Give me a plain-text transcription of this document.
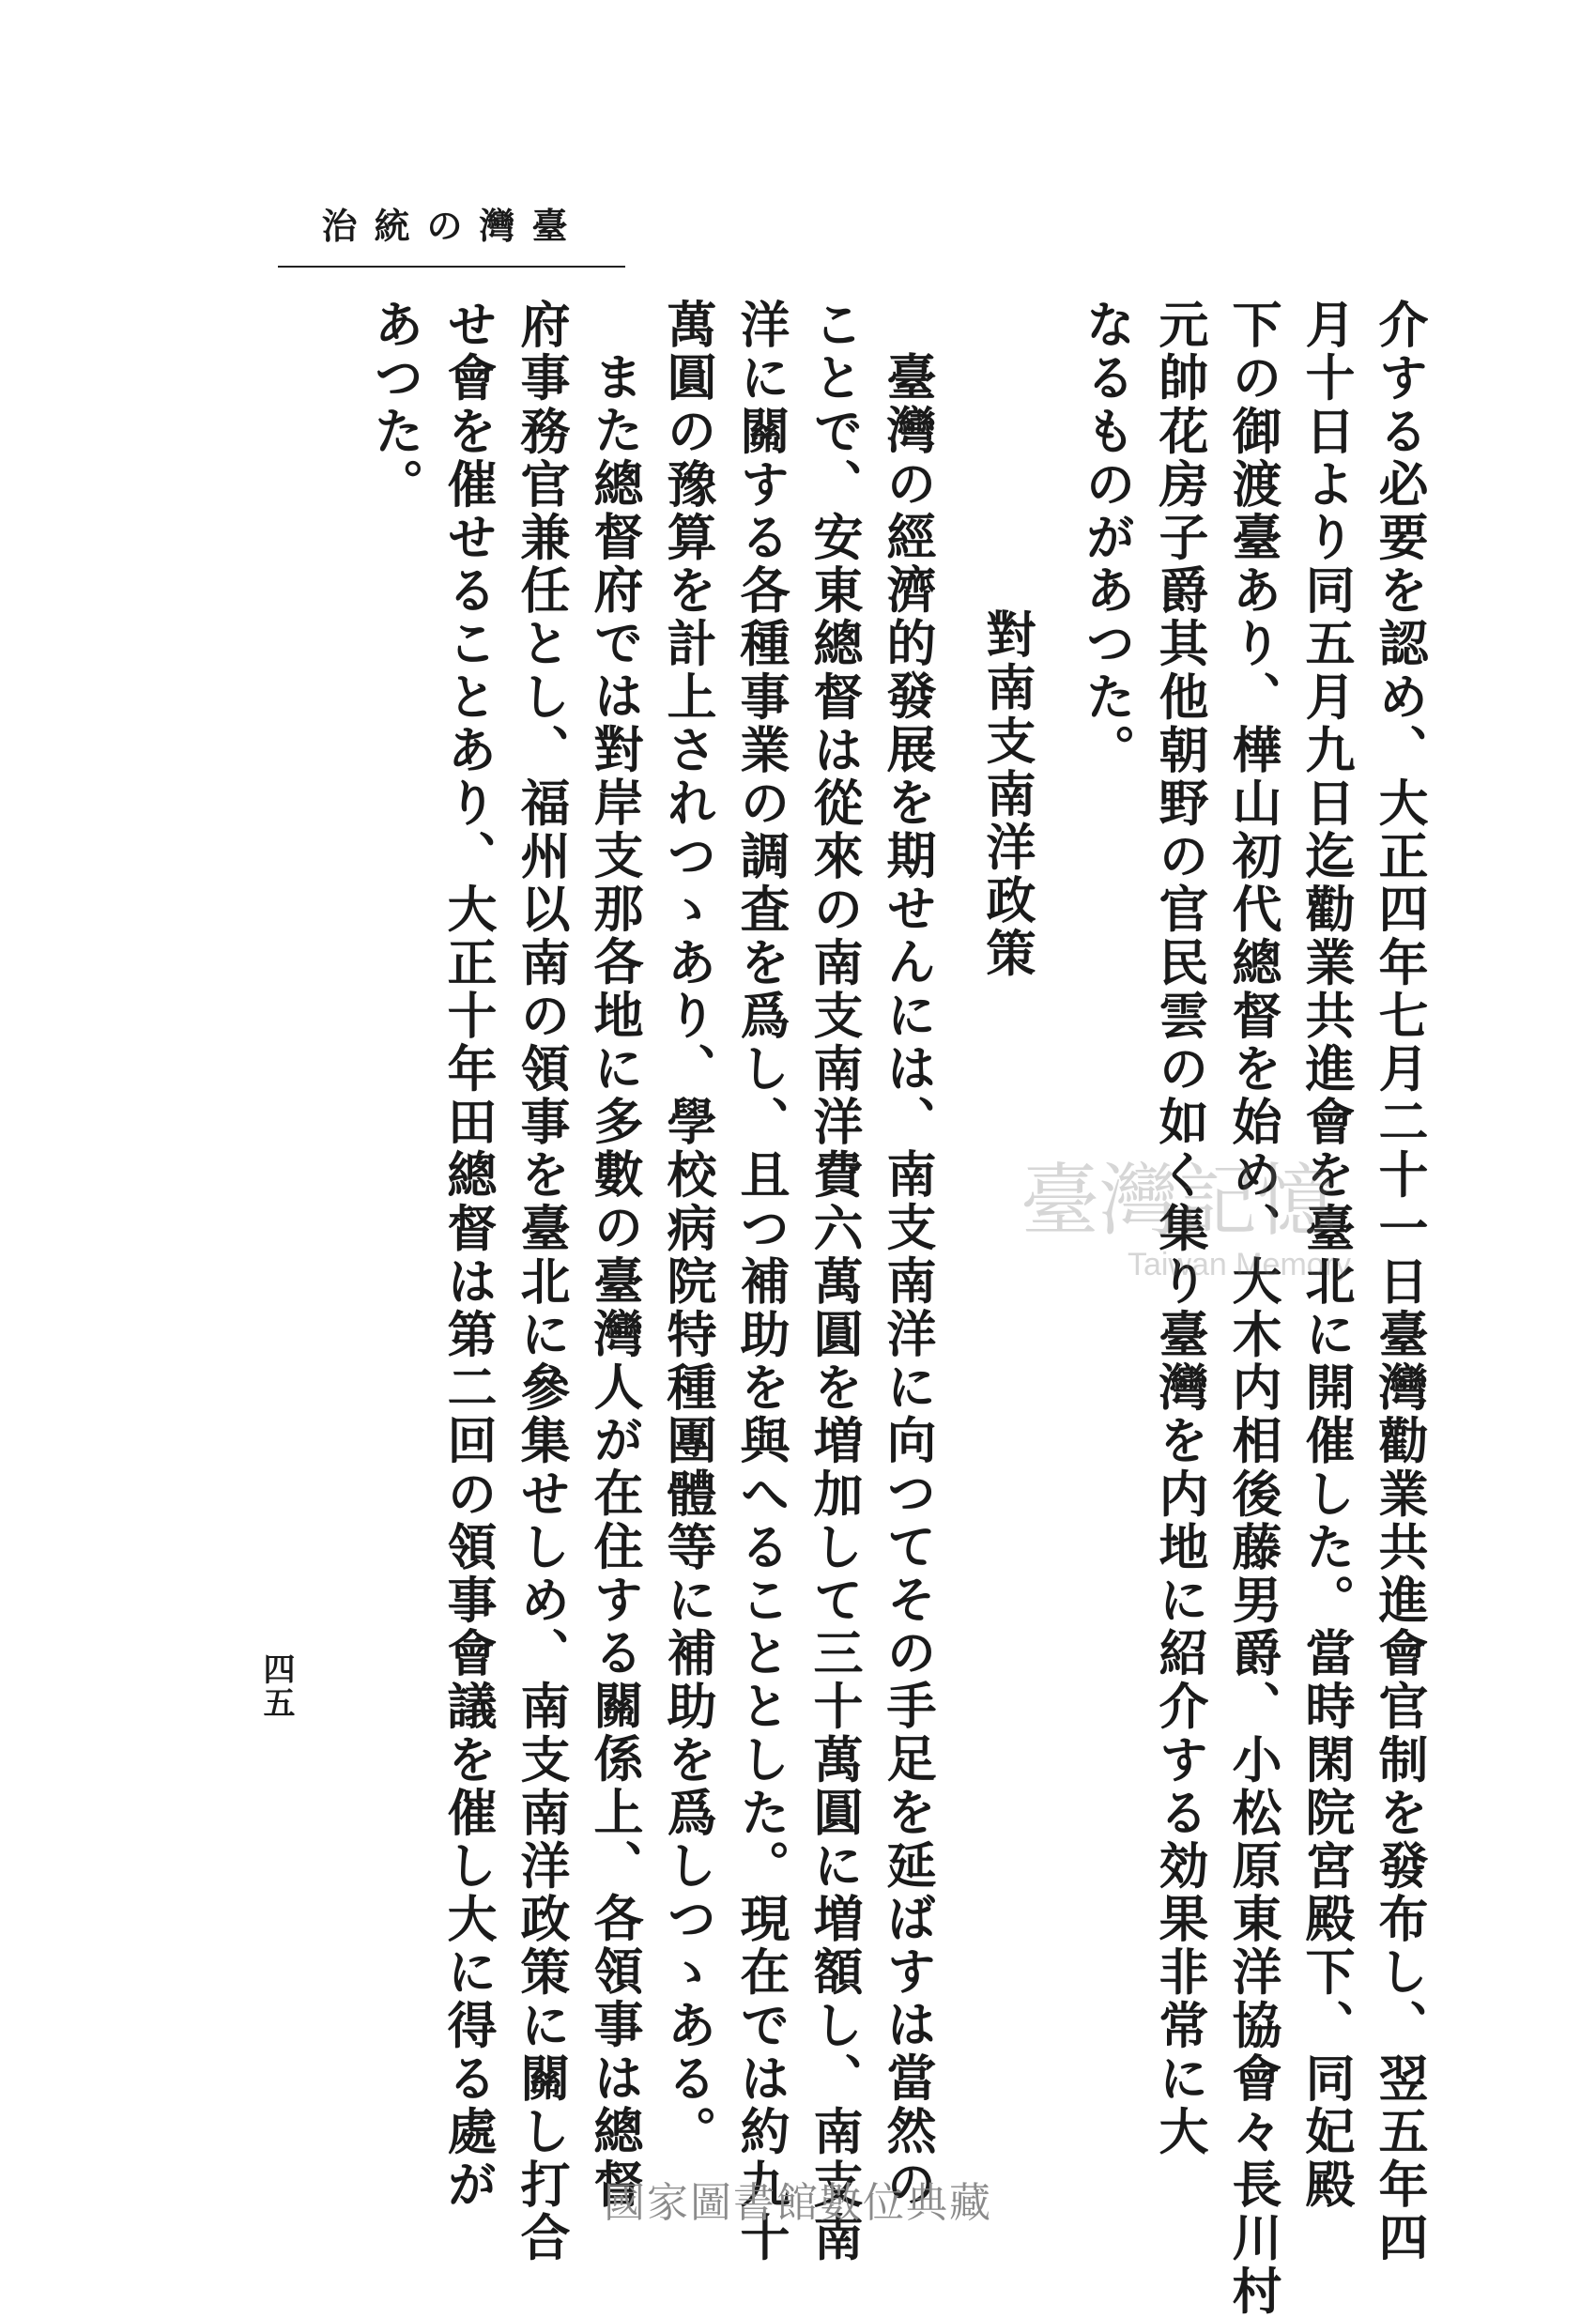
臺灣の統治
介する必要を認め、大正四年七月二十一日臺灣勸業共進會官制を發布し、翌五年四
月十日より同五月九日迄勸業共進會を臺北に開催した。當時閑院宮殿下、同妃殿
下の御渡臺あり、樺山初代總督を始め、大木内相後藤男爵、小松原東洋協會々長川村
元帥花房子爵其他朝野の官民雲の如く集り臺灣を内地に紹介する効果非常に大
なるものがあつた。
對南支南洋政策
臺灣の經濟的發展を期せんには、南支南洋に向つてその手足を延ばすは當然の
ことで、安東總督は從來の南支南洋費六萬圓を増加して三十萬圓に増額し、南支南
洋に關する各種事業の調査を爲し、且つ補助を與へることとした。現在では約九十
萬圓の豫算を計上されつゝあり、學校病院特種團體等に補助を爲しつゝある。
また總督府では對岸支那各地に多數の臺灣人が在住する關係上、各領事は總督
府事務官兼任とし、福州以南の領事を臺北に參集せしめ、南支南洋政策に關し打合
せ會を催せることあり、大正十年田總督は第二回の領事會議を催し大に得る處が
あつた。
四五
臺灣記憶
Taiwan Memory
國家圖書館數位典藏
